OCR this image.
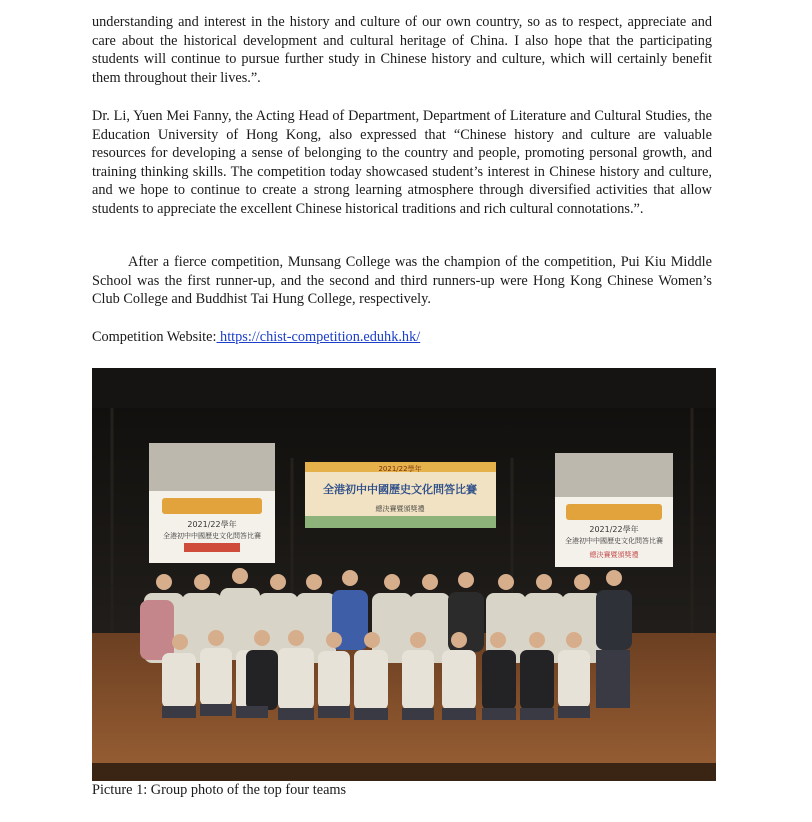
understanding and interest in the history and culture of our own country, so as to respect, appreciate and care about the historical development and cultural heritage of China. I also hope that the participating students will continue to pursue further study in Chinese history and culture, which will certainly benefit them throughout their lives.”.

Dr. Li, Yuen Mei Fanny, the Acting Head of Department, Department of Literature and Cultural Studies, the Education University of Hong Kong, also expressed that “Chinese history and culture are valuable resources for developing a sense of belonging to the country and people, promoting personal growth, and training thinking skills. The competition today showcased student’s interest in Chinese history and culture, and we hope to continue to create a strong learning atmosphere through diversified activities that allow students to appreciate the excellent Chinese historical traditions and rich cultural connotations.”.

After a fierce competition, Munsang College was the champion of the competition, Pui Kiu Middle School was the first runner-up, and the second and third runners-up were Hong Kong Chinese Women’s Club College and Buddhist Tai Hung College, respectively.

Competition Website: https://chist-competition.eduhk.hk/

2021/22學年
全港初中中國歷史文化問答比賽
2021/22學年
全港初中中國歷史文化問答比賽
總決賽暨頒獎禮
2021/22學年
全港初中中國歷史文化問答比賽
總決賽暨頒獎禮

Picture 1: Group photo of the top four teams
